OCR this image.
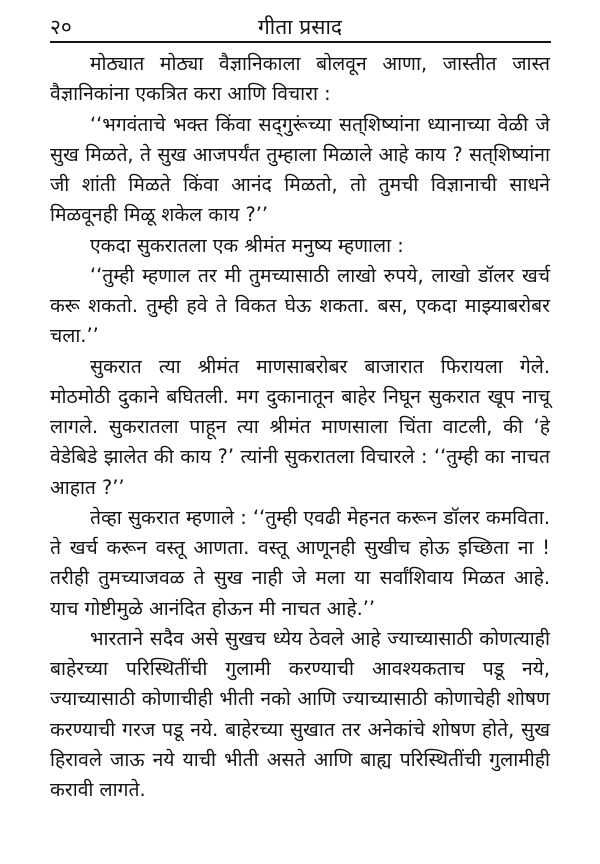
२०	गीता प्रसाद

मोठ्यात मोठ्या वैज्ञानिकाला बोलवून आणा, जास्तीत जास्त वैज्ञानिकांना एकत्रित करा आणि विचारा :

‘‘भगवंताचे भक्त किंवा सद्‌गुरूंच्या सत्‌शिष्यांना ध्यानाच्या वेळी जे सुख मिळते, ते सुख आजपर्यंत तुम्हाला मिळाले आहे काय ? सत्‌शिष्यांना जी शांती मिळते किंवा आनंद मिळतो, तो तुमची विज्ञानाची साधने मिळवूनही मिळू शकेल काय ?’’

एकदा सुकरातला एक श्रीमंत मनुष्य म्हणाला :

‘‘तुम्ही म्हणाल तर मी तुमच्यासाठी लाखो रुपये, लाखो डॉलर खर्च करू शकतो. तुम्ही हवे ते विकत घेऊ शकता. बस, एकदा माझ्याबरोबर चला.’’

सुकरात त्या श्रीमंत माणसाबरोबर बाजारात फिरायला गेले. मोठमोठी दुकाने बघितली. मग दुकानातून बाहेर निघून सुकरात खूप नाचू लागले. सुकरातला पाहून त्या श्रीमंत माणसाला चिंता वाटली, की ‘हे वेडेबिडे झालेत की काय ?’ त्यांनी सुकरातला विचारले : ‘‘तुम्ही का नाचत आहात ?’’

तेव्हा सुकरात म्हणाले : ‘‘तुम्ही एवढी मेहनत करून डॉलर कमविता. ते खर्च करून वस्तू आणता. वस्तू आणूनही सुखीच होऊ इच्छिता ना ! तरीही तुमच्याजवळ ते सुख नाही जे मला या सर्वांशिवाय मिळत आहे. याच गोष्टीमुळे आनंदित होऊन मी नाचत आहे.’’

भारताने सदैव असे सुखच ध्येय ठेवले आहे ज्याच्यासाठी कोणत्याही बाहेरच्या परिस्थितींची गुलामी करण्याची आवश्यकताच पडू नये, ज्याच्यासाठी कोणाचीही भीती नको आणि ज्याच्यासाठी कोणाचेही शोषण करण्याची गरज पडू नये. बाहेरच्या सुखात तर अनेकांचे शोषण होते, सुख हिरावले जाऊ नये याची भीती असते आणि बाह्य परिस्थितींची गुलामीही करावी लागते.
